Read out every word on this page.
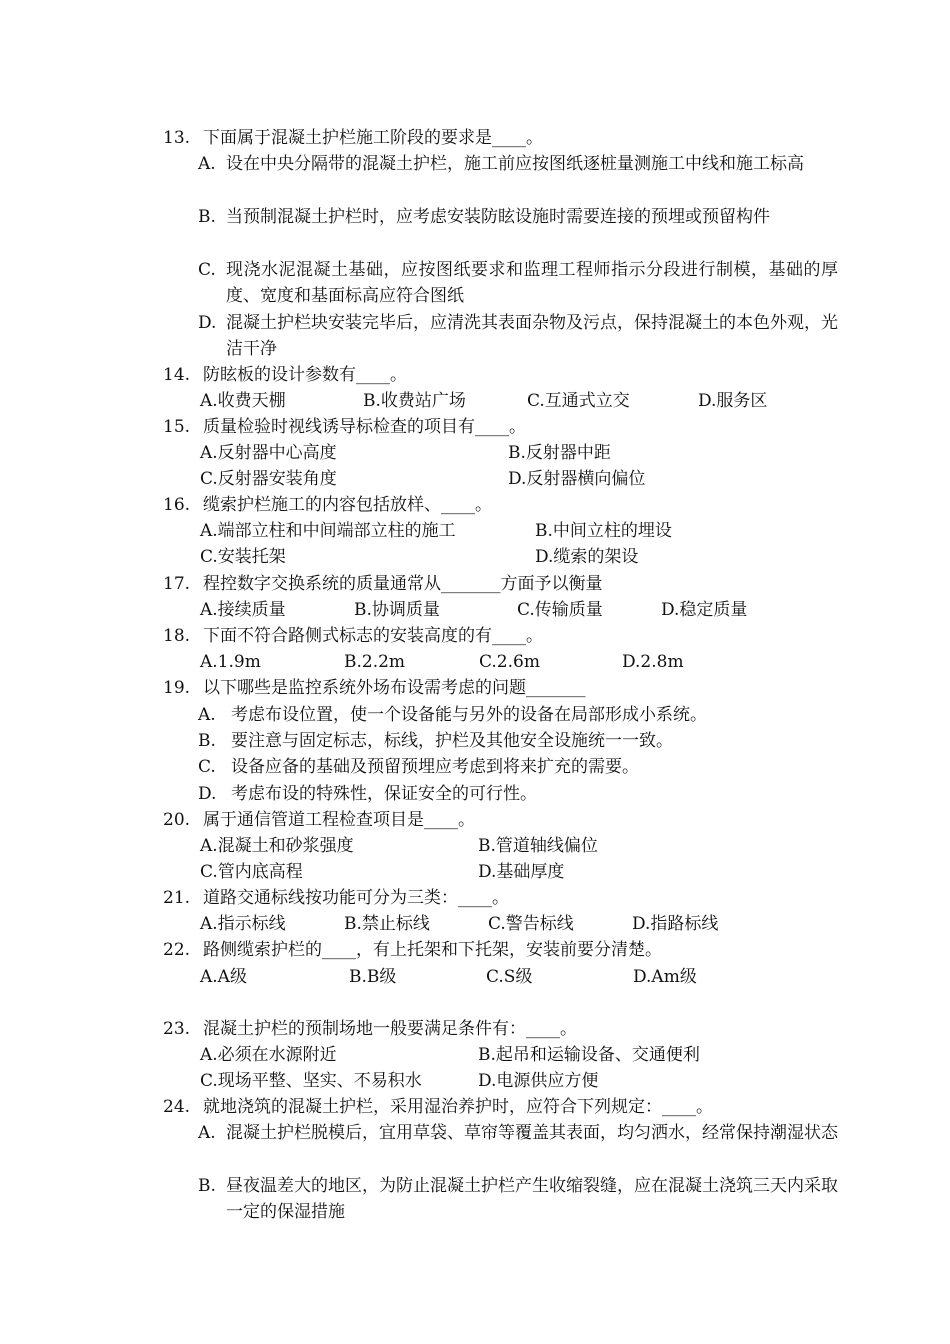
13. 下面属于混凝土护栏施工阶段的要求是____。
A. 设在中央分隔带的混凝土护栏，施工前应按图纸逐桩量测施工中线和施工标高
B. 当预制混凝土护栏时，应考虑安装防眩设施时需要连接的预埋或预留构件
C. 现浇水泥混凝土基础，应按图纸要求和监理工程师指示分段进行制模，基础的厚度、宽度和基面标高应符合图纸
D. 混凝土护栏块安装完毕后，应清洗其表面杂物及污点，保持混凝土的本色外观，光洁干净
14. 防眩板的设计参数有____。
A.收费天棚	B.收费站广场	C.互通式立交	D.服务区
15. 质量检验时视线诱导标检查的项目有____。
A.反射器中心高度	B.反射器中距
C.反射器安装角度	D.反射器横向偏位
16. 缆索护栏施工的内容包括放样、____。
A.端部立柱和中间端部立柱的施工	B.中间立柱的埋设
C.安装托架	D.缆索的架设
17. 程控数字交换系统的质量通常从_______方面予以衡量
A.接续质量	B.协调质量	C.传输质量	D.稳定质量
18. 下面不符合路侧式标志的安装高度的有____。
A.1.9m	B.2.2m	C.2.6m	D.2.8m
19. 以下哪些是监控系统外场布设需考虑的问题_______
A. 考虑布设位置，使一个设备能与另外的设备在局部形成小系统。
B. 要注意与固定标志，标线，护栏及其他安全设施统一一致。
C. 设备应备的基础及预留预埋应考虑到将来扩充的需要。
D. 考虑布设的特殊性，保证安全的可行性。
20. 属于通信管道工程检查项目是____。
A.混凝土和砂浆强度	B.管道轴线偏位
C.管内底高程	D.基础厚度
21. 道路交通标线按功能可分为三类：____。
A.指示标线	B.禁止标线	C.警告标线	D.指路标线
22. 路侧缆索护栏的____，有上托架和下托架，安装前要分清楚。
A.A级	B.B级	C.S级	D.Am级
23. 混凝土护栏的预制场地一般要满足条件有：____。
A.必须在水源附近	B.起吊和运输设备、交通便利
C.现场平整、坚实、不易积水	D.电源供应方便
24. 就地浇筑的混凝土护栏，采用湿治养护时，应符合下列规定：____。
A. 混凝土护栏脱模后，宜用草袋、草帘等覆盖其表面，均匀洒水，经常保持潮湿状态
B. 昼夜温差大的地区，为防止混凝土护栏产生收缩裂缝，应在混凝土浇筑三天内采取一定的保湿措施
